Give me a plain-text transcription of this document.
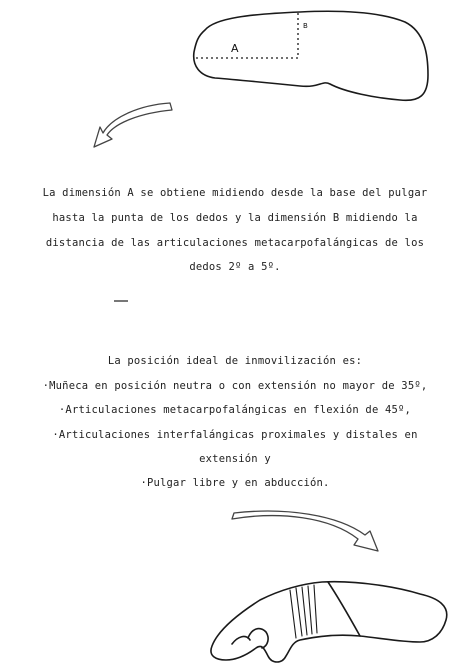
A
B
La dimensión A se obtiene midiendo desde la base del pulgar
hasta la punta de los dedos y la dimensión B midiendo la
distancia de las articulaciones metacarpofalángicas de los
dedos 2º a 5º.
La posición ideal de inmovilización es:
·Muñeca en posición neutra o con extensión no mayor de 35º,
·Articulaciones metacarpofalángicas en flexión de 45º,
·Articulaciones interfalángicas proximales y distales en
extensión y
·Pulgar libre y en abducción.
